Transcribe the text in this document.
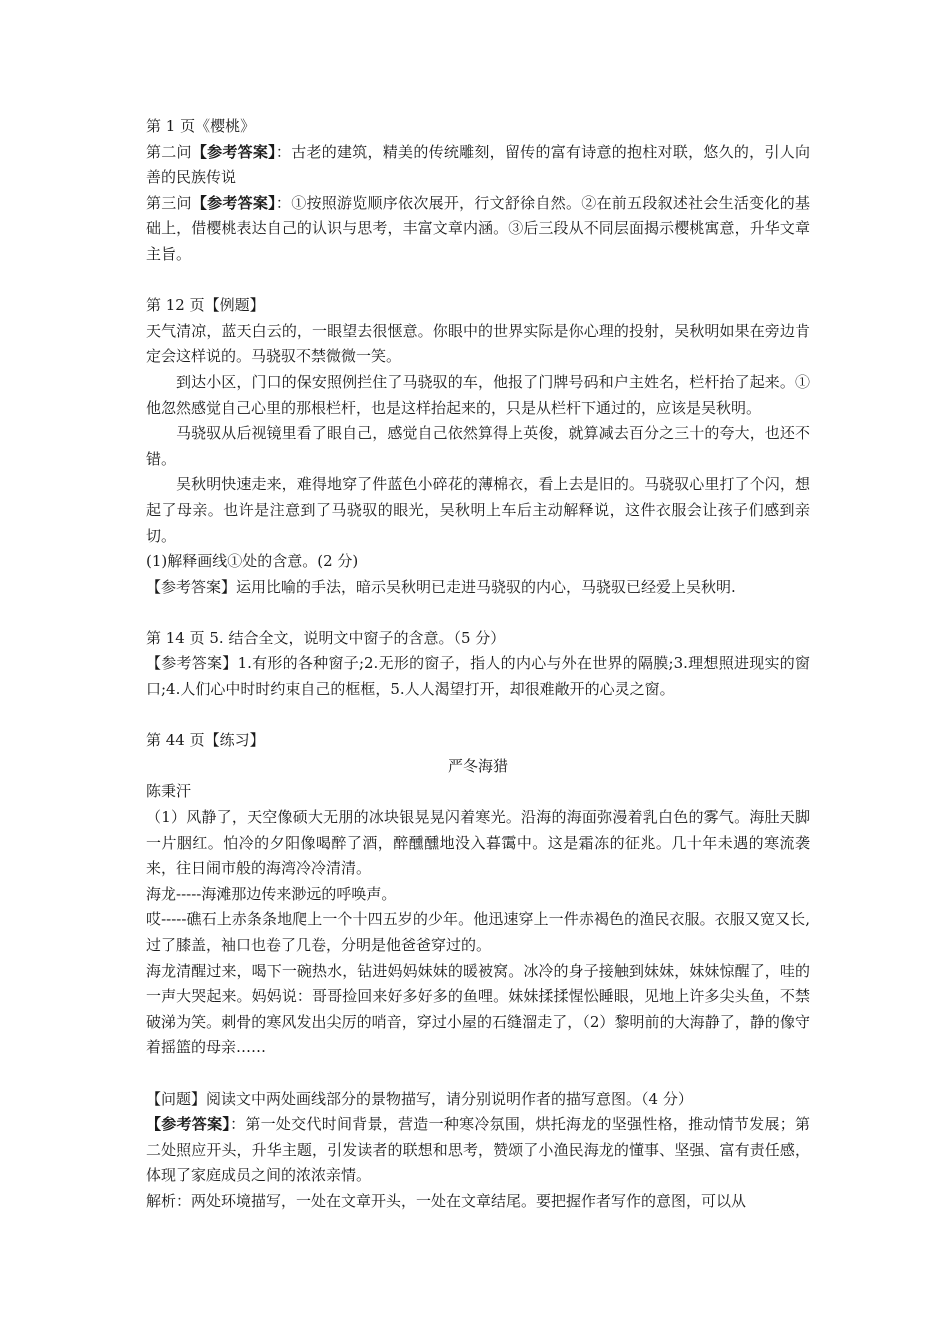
第 1 页《樱桃》

第二问【参考答案】：古老的建筑，精美的传统雕刻，留传的富有诗意的抱柱对联，悠久的，引人向善的民族传说

第三问【参考答案】：①按照游览顺序依次展开，行文舒徐自然。②在前五段叙述社会生活变化的基础上，借樱桃表达自己的认识与思考，丰富文章内涵。③后三段从不同层面揭示樱桃寓意，升华文章主旨。

第 12 页【例题】

天气清凉，蓝天白云的，一眼望去很惬意。你眼中的世界实际是你心理的投射，吴秋明如果在旁边肯定会这样说的。马骁驭不禁微微一笑。

到达小区，门口的保安照例拦住了马骁驭的车，他报了门牌号码和户主姓名，栏杆抬了起来。①他忽然感觉自己心里的那根栏杆，也是这样抬起来的，只是从栏杆下通过的，应该是吴秋明。

马骁驭从后视镜里看了眼自己，感觉自己依然算得上英俊，就算减去百分之三十的夸大，也还不错。

吴秋明快速走来，难得地穿了件蓝色小碎花的薄棉衣，看上去是旧的。马骁驭心里打了个闪，想起了母亲。也许是注意到了马骁驭的眼光，吴秋明上车后主动解释说，这件衣服会让孩子们感到亲切。

(1)解释画线①处的含意。(2 分)

【参考答案】运用比喻的手法，暗示吴秋明已走进马骁驭的内心，马骁驭已经爱上吴秋明.

第 14 页 5. 结合全文，说明文中窗子的含意。（5 分）

【参考答案】1.有形的各种窗子;2.无形的窗子，指人的内心与外在世界的隔膜;3.理想照进现实的窗口;4.人们心中时时约束自己的框框，5.人人渴望打开，却很难敞开的心灵之窗。

第 44 页【练习】

严冬海猎

陈秉汗

（1）风静了，天空像硕大无朋的冰块银晃晃闪着寒光。沿海的海面弥漫着乳白色的雾气。海肚天脚一片胭红。怕冷的夕阳像喝醉了酒，醉醺醺地没入暮霭中。这是霜冻的征兆。几十年未遇的寒流袭来，往日闹市般的海湾冷冷清清。

海龙-----海滩那边传来渺远的呼唤声。

哎-----礁石上赤条条地爬上一个十四五岁的少年。他迅速穿上一件赤褐色的渔民衣服。衣服又宽又长,过了膝盖，袖口也卷了几卷，分明是他爸爸穿过的。

海龙清醒过来，喝下一碗热水，钻进妈妈妹妹的暖被窝。冰冷的身子接触到妹妹，妹妹惊醒了，哇的一声大哭起来。妈妈说：哥哥捡回来好多好多的鱼哩。妹妹揉揉惺忪睡眼，见地上许多尖头鱼，不禁破涕为笑。刺骨的寒风发出尖厉的哨音，穿过小屋的石缝溜走了，（2）黎明前的大海静了，静的像守着摇篮的母亲……

【问题】阅读文中两处画线部分的景物描写，请分别说明作者的描写意图。（4 分）

【参考答案】：第一处交代时间背景，营造一种寒冷氛围，烘托海龙的坚强性格，推动情节发展；第二处照应开头，升华主题，引发读者的联想和思考，赞颂了小渔民海龙的懂事、坚强、富有责任感，体现了家庭成员之间的浓浓亲情。

解析：两处环境描写，一处在文章开头，一处在文章结尾。要把握作者写作的意图，可以从
